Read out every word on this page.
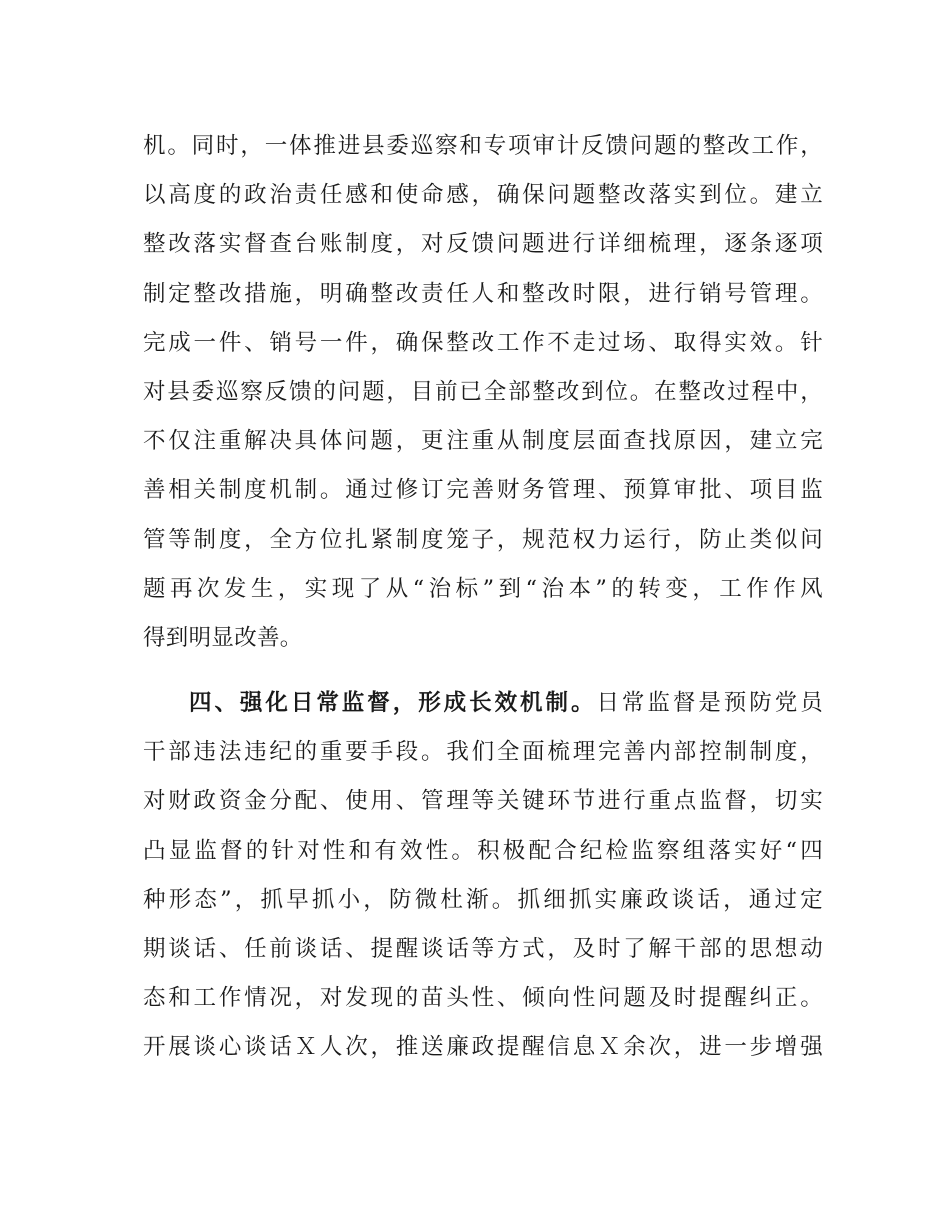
机。同时，一体推进县委巡察和专项审计反馈问题的整改工作，
以高度的政治责任感和使命感，确保问题整改落实到位。建立
整改落实督查台账制度，对反馈问题进行详细梳理，逐条逐项
制定整改措施，明确整改责任人和整改时限，进行销号管理。
完成一件、销号一件，确保整改工作不走过场、取得实效。针
对县委巡察反馈的问题，目前已全部整改到位。在整改过程中，
不仅注重解决具体问题，更注重从制度层面查找原因，建立完
善相关制度机制。通过修订完善财务管理、预算审批、项目监
管等制度，全方位扎紧制度笼子，规范权力运行，防止类似问
题再次发生，实现了从“治标”到“治本”的转变，工作作风
得到明显改善。
四、强化日常监督，形成长效机制。日常监督是预防党员
干部违法违纪的重要手段。我们全面梳理完善内部控制制度，
对财政资金分配、使用、管理等关键环节进行重点监督，切实
凸显监督的针对性和有效性。积极配合纪检监察组落实好“四
种形态”，抓早抓小，防微杜渐。抓细抓实廉政谈话，通过定
期谈话、任前谈话、提醒谈话等方式，及时了解干部的思想动
态和工作情况，对发现的苗头性、倾向性问题及时提醒纠正。
开展谈心谈话Ｘ人次，推送廉政提醒信息Ｘ余次，进一步增强
